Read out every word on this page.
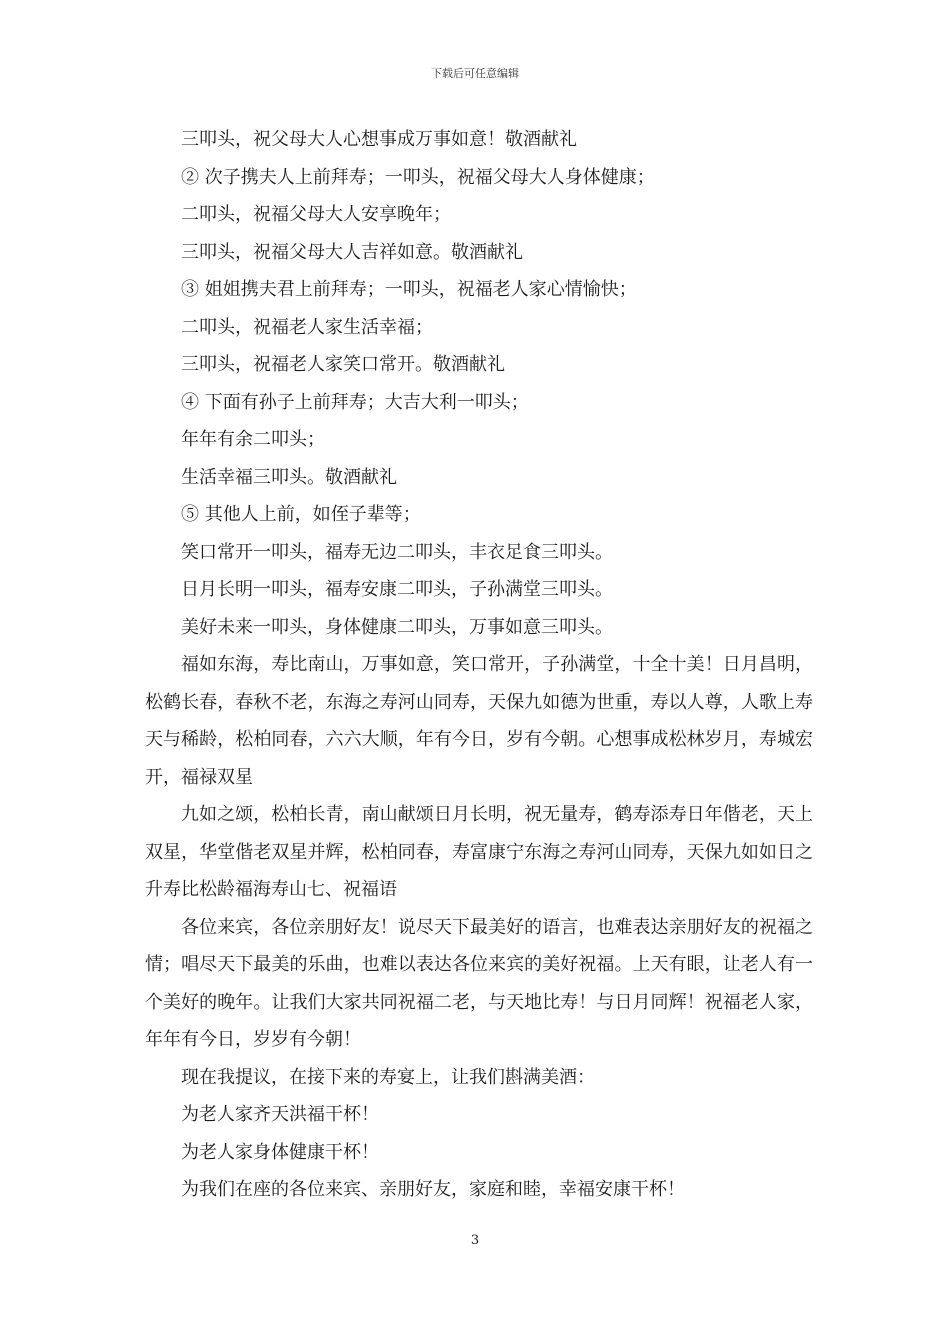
下载后可任意编辑
三叩头，祝父母大人心想事成万事如意！敬酒献礼
② 次子携夫人上前拜寿；一叩头，祝福父母大人身体健康；
二叩头，祝福父母大人安享晚年；
三叩头，祝福父母大人吉祥如意。敬酒献礼
③ 姐姐携夫君上前拜寿；一叩头，祝福老人家心情愉快；
二叩头，祝福老人家生活幸福；
三叩头，祝福老人家笑口常开。敬酒献礼
④ 下面有孙子上前拜寿；大吉大利一叩头；
年年有余二叩头；
生活幸福三叩头。敬酒献礼
⑤ 其他人上前，如侄子辈等；
笑口常开一叩头，福寿无边二叩头，丰衣足食三叩头。
日月长明一叩头，福寿安康二叩头，子孙满堂三叩头。
美好未来一叩头，身体健康二叩头，万事如意三叩头。
福如东海，寿比南山，万事如意，笑口常开，子孙满堂，十全十美！日月昌明，松鹤长春，春秋不老，东海之寿河山同寿，天保九如德为世重，寿以人尊，人歌上寿天与稀龄，松柏同春，六六大顺，年有今日，岁有今朝。心想事成松林岁月，寿城宏开，福禄双星
九如之颂，松柏长青，南山献颂日月长明，祝无量寿，鹤寿添寿日年偕老，天上双星，华堂偕老双星并辉，松柏同春，寿富康宁东海之寿河山同寿，天保九如如日之升寿比松龄福海寿山七、祝福语
各位来宾，各位亲朋好友！说尽天下最美好的语言，也难表达亲朋好友的祝福之情；唱尽天下最美的乐曲，也难以表达各位来宾的美好祝福。上天有眼，让老人有一个美好的晚年。让我们大家共同祝福二老，与天地比寿！与日月同辉！祝福老人家，年年有今日，岁岁有今朝！
现在我提议，在接下来的寿宴上，让我们斟满美酒：
为老人家齐天洪福干杯！
为老人家身体健康干杯！
为我们在座的各位来宾、亲朋好友，家庭和睦，幸福安康干杯！
3
